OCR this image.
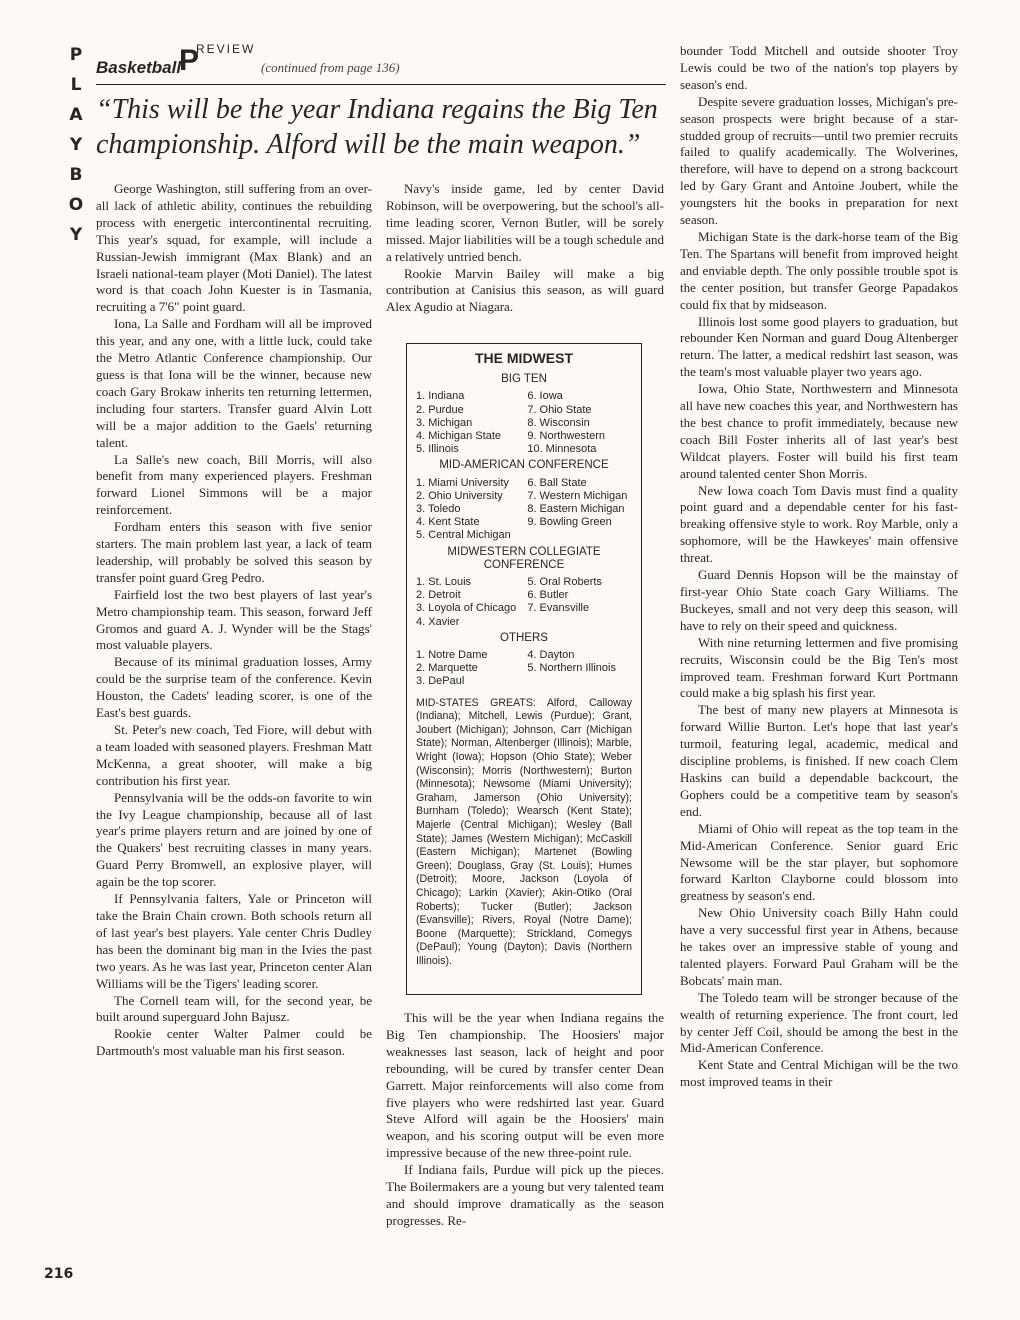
P
L
A
Y
B
O
Y
Basketball
P
REVIEW
(continued from page 136)
“This will be the year Indiana regains the Big Ten championship. Alford will be the main weapon.”

George Washington, still suffering from an over-all lack of athletic ability, continues the rebuilding process with energetic intercontinental recruiting. This year's squad, for example, will include a Russian-Jewish immigrant (Max Blank) and an Israeli national-team player (Moti Daniel). The latest word is that coach John Kuester is in Tasmania, recruiting a 7'6" point guard.

Iona, La Salle and Fordham will all be improved this year, and any one, with a little luck, could take the Metro Atlantic Conference championship. Our guess is that Iona will be the winner, because new coach Gary Brokaw inherits ten returning lettermen, including four starters. Transfer guard Alvin Lott will be a major addition to the Gaels' returning talent.

La Salle's new coach, Bill Morris, will also benefit from many experienced players. Freshman forward Lionel Simmons will be a major reinforcement.

Fordham enters this season with five senior starters. The main problem last year, a lack of team leadership, will probably be solved this season by transfer point guard Greg Pedro.

Fairfield lost the two best players of last year's Metro championship team. This season, forward Jeff Gromos and guard A. J. Wynder will be the Stags' most valuable players.

Because of its minimal graduation losses, Army could be the surprise team of the conference. Kevin Houston, the Cadets' leading scorer, is one of the East's best guards.

St. Peter's new coach, Ted Fiore, will debut with a team loaded with seasoned players. Freshman Matt McKenna, a great shooter, will make a big contribution his first year.

Pennsylvania will be the odds-on favorite to win the Ivy League championship, because all of last year's prime players return and are joined by one of the Quakers' best recruiting classes in many years. Guard Perry Bromwell, an explosive player, will again be the top scorer.

If Pennsylvania falters, Yale or Princeton will take the Brain Chain crown. Both schools return all of last year's best players. Yale center Chris Dudley has been the dominant big man in the Ivies the past two years. As he was last year, Princeton center Alan Williams will be the Tigers' leading scorer.

The Cornell team will, for the second year, be built around superguard John Bajusz.

Rookie center Walter Palmer could be Dartmouth's most valuable man his first season.

Navy's inside game, led by center David Robinson, will be overpowering, but the school's all-time leading scorer, Vernon Butler, will be sorely missed. Major liabilities will be a tough schedule and a relatively untried bench.

Rookie Marvin Bailey will make a big contribution at Canisius this season, as will guard Alex Agudio at Niagara.

THE MIDWEST
BIG TEN
1. Indiana
2. Purdue
3. Michigan
4. Michigan State
5. Illinois
6. Iowa
7. Ohio State
8. Wisconsin
9. Northwestern
10. Minnesota
MID-AMERICAN CONFERENCE
1. Miami University
2. Ohio University
3. Toledo
4. Kent State
5. Central Michigan
6. Ball State
7. Western Michigan
8. Eastern Michigan
9. Bowling Green
MIDWESTERN COLLEGIATE CONFERENCE
1. St. Louis
2. Detroit
3. Loyola of Chicago
4. Xavier
5. Oral Roberts
6. Butler
7. Evansville
OTHERS
1. Notre Dame
2. Marquette
3. DePaul
4. Dayton
5. Northern Illinois
MID-STATES GREATS: Alford, Calloway (Indiana); Mitchell, Lewis (Purdue); Grant, Joubert (Michigan); Johnson, Carr (Michigan State); Norman, Altenberger (Illinois); Marble, Wright (Iowa); Hopson (Ohio State); Weber (Wisconsin); Morris (Northwestern); Burton (Minnesota); Newsome (Miami University); Graham, Jamerson (Ohio University); Burnham (Toledo); Wearsch (Kent State); Majerle (Central Michigan); Wesley (Ball State); James (Western Michigan); McCaskill (Eastern Michigan); Martenet (Bowling Green); Douglass, Gray (St. Louis); Humes (Detroit); Moore, Jackson (Loyola of Chicago); Larkin (Xavier); Akin-Otiko (Oral Roberts); Tucker (Butler); Jackson (Evansville); Rivers, Royal (Notre Dame); Boone (Marquette); Strickland, Comegys (DePaul); Young (Dayton); Davis (Northern Illinois).

This will be the year when Indiana regains the Big Ten championship. The Hoosiers' major weaknesses last season, lack of height and poor rebounding, will be cured by transfer center Dean Garrett. Major reinforcements will also come from five players who were redshirted last year. Guard Steve Alford will again be the Hoosiers' main weapon, and his scoring output will be even more impressive because of the new three-point rule.

If Indiana fails, Purdue will pick up the pieces. The Boilermakers are a young but very talented team and should improve dramatically as the season progresses. Re-

bounder Todd Mitchell and outside shooter Troy Lewis could be two of the nation's top players by season's end.

Despite severe graduation losses, Michigan's pre-season prospects were bright because of a star-studded group of recruits—until two premier recruits failed to qualify academically. The Wolverines, therefore, will have to depend on a strong backcourt led by Gary Grant and Antoine Joubert, while the youngsters hit the books in preparation for next season.

Michigan State is the dark-horse team of the Big Ten. The Spartans will benefit from improved height and enviable depth. The only possible trouble spot is the center position, but transfer George Papadakos could fix that by midseason.

Illinois lost some good players to graduation, but rebounder Ken Norman and guard Doug Altenberger return. The latter, a medical redshirt last season, was the team's most valuable player two years ago.

Iowa, Ohio State, Northwestern and Minnesota all have new coaches this year, and Northwestern has the best chance to profit immediately, because new coach Bill Foster inherits all of last year's best Wildcat players. Foster will build his first team around talented center Shon Morris.

New Iowa coach Tom Davis must find a quality point guard and a dependable center for his fast-breaking offensive style to work. Roy Marble, only a sophomore, will be the Hawkeyes' main offensive threat.

Guard Dennis Hopson will be the mainstay of first-year Ohio State coach Gary Williams. The Buckeyes, small and not very deep this season, will have to rely on their speed and quickness.

With nine returning lettermen and five promising recruits, Wisconsin could be the Big Ten's most improved team. Freshman forward Kurt Portmann could make a big splash his first year.

The best of many new players at Minnesota is forward Willie Burton. Let's hope that last year's turmoil, featuring legal, academic, medical and discipline problems, is finished. If new coach Clem Haskins can build a dependable backcourt, the Gophers could be a competitive team by season's end.

Miami of Ohio will repeat as the top team in the Mid-American Conference. Senior guard Eric Newsome will be the star player, but sophomore forward Karlton Clayborne could blossom into greatness by season's end.

New Ohio University coach Billy Hahn could have a very successful first year in Athens, because he takes over an impressive stable of young and talented players. Forward Paul Graham will be the Bobcats' main man.

The Toledo team will be stronger because of the wealth of returning experience. The front court, led by center Jeff Coil, should be among the best in the Mid-American Conference.

Kent State and Central Michigan will be the two most improved teams in their

216
